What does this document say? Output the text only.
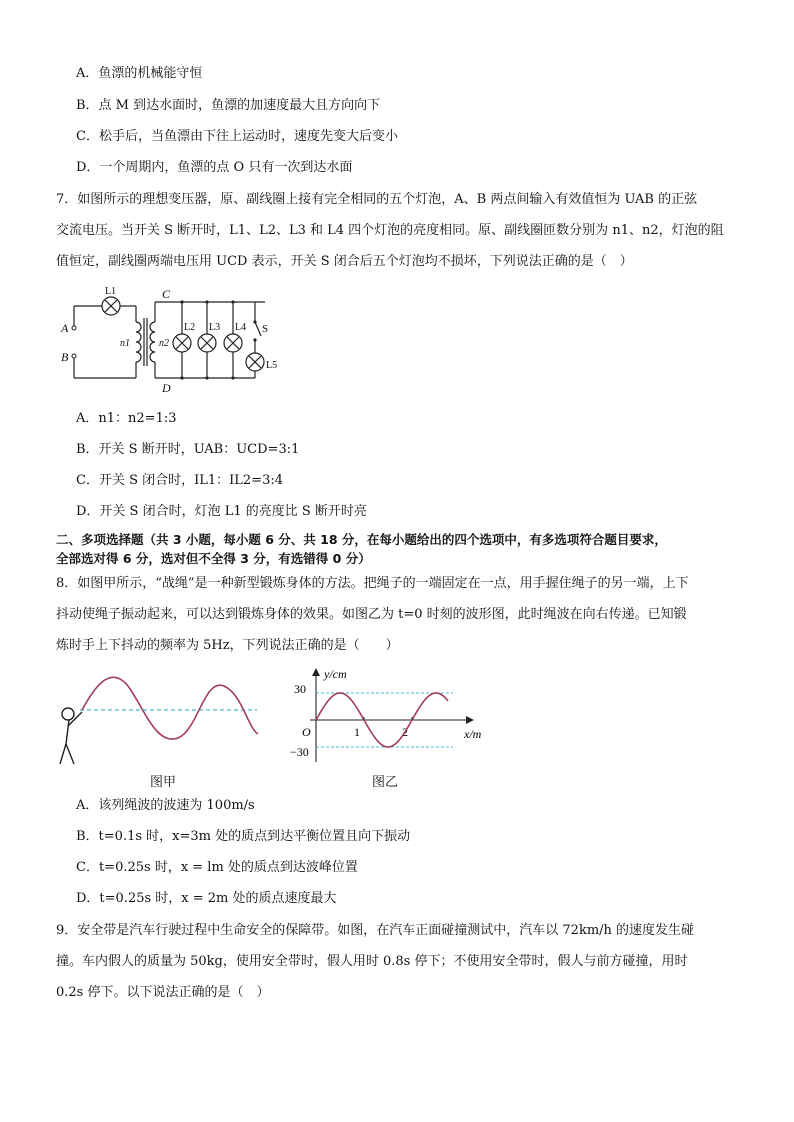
A．鱼漂的机械能守恒
B．点 M 到达水面时，鱼漂的加速度最大且方向向下
C．松手后，当鱼漂由下往上运动时，速度先变大后变小
D．一个周期内，鱼漂的点 O 只有一次到达水面
7．如图所示的理想变压器，原、副线圈上接有完全相同的五个灯泡，A、B 两点间输入有效值恒为 UAB 的正弦
交流电压。当开关 S 断开时，L1、L2、L3 和 L4 四个灯泡的亮度相同。原、副线圈匝数分别为 n1、n2，灯泡的阻
值恒定，副线圈两端电压用 UCD 表示，开关 S 闭合后五个灯泡均不损坏，下列说法正确的是（　）
A
B
C
D
L1
L2 L3 L4
L5
n1	n2
S
A．n1：n2=1:3
B．开关 S 断开时，UAB：UCD=3:1
C．开关 S 闭合时，IL1：IL2=3:4
D．开关 S 闭合时，灯泡 L1 的亮度比 S 断开时亮
二、多项选择题（共 3 小题，每小题 6 分、共 18 分，在每小题给出的四个选项中，有多选项符合题目要求，
全部选对得 6 分，选对但不全得 3 分，有选错得 0 分）
8．如图甲所示，“战绳”是一种新型锻炼身体的方法。把绳子的一端固定在一点，用手握住绳子的另一端，上下
抖动使绳子振动起来，可以达到锻炼身体的效果。如图乙为 t=0 时刻的波形图，此时绳波在向右传递。已知锻
炼时手上下抖动的频率为 5Hz，下列说法正确的是（　　）
图甲
y/cm
x/m
O
30
−30
1	2
图乙
A．该列绳波的波速为 100m/s
B．t=0.1s 时，x=3m 处的质点到达平衡位置且向下振动
C．t=0.25s 时，x = lm 处的质点到达波峰位置
D．t=0.25s 时，x = 2m 处的质点速度最大
9．安全带是汽车行驶过程中生命安全的保障带。如图，在汽车正面碰撞测试中，汽车以 72km/h 的速度发生碰
撞。车内假人的质量为 50kg，使用安全带时，假人用时 0.8s 停下；不使用安全带时，假人与前方碰撞，用时
0.2s 停下。以下说法正确的是（　）
